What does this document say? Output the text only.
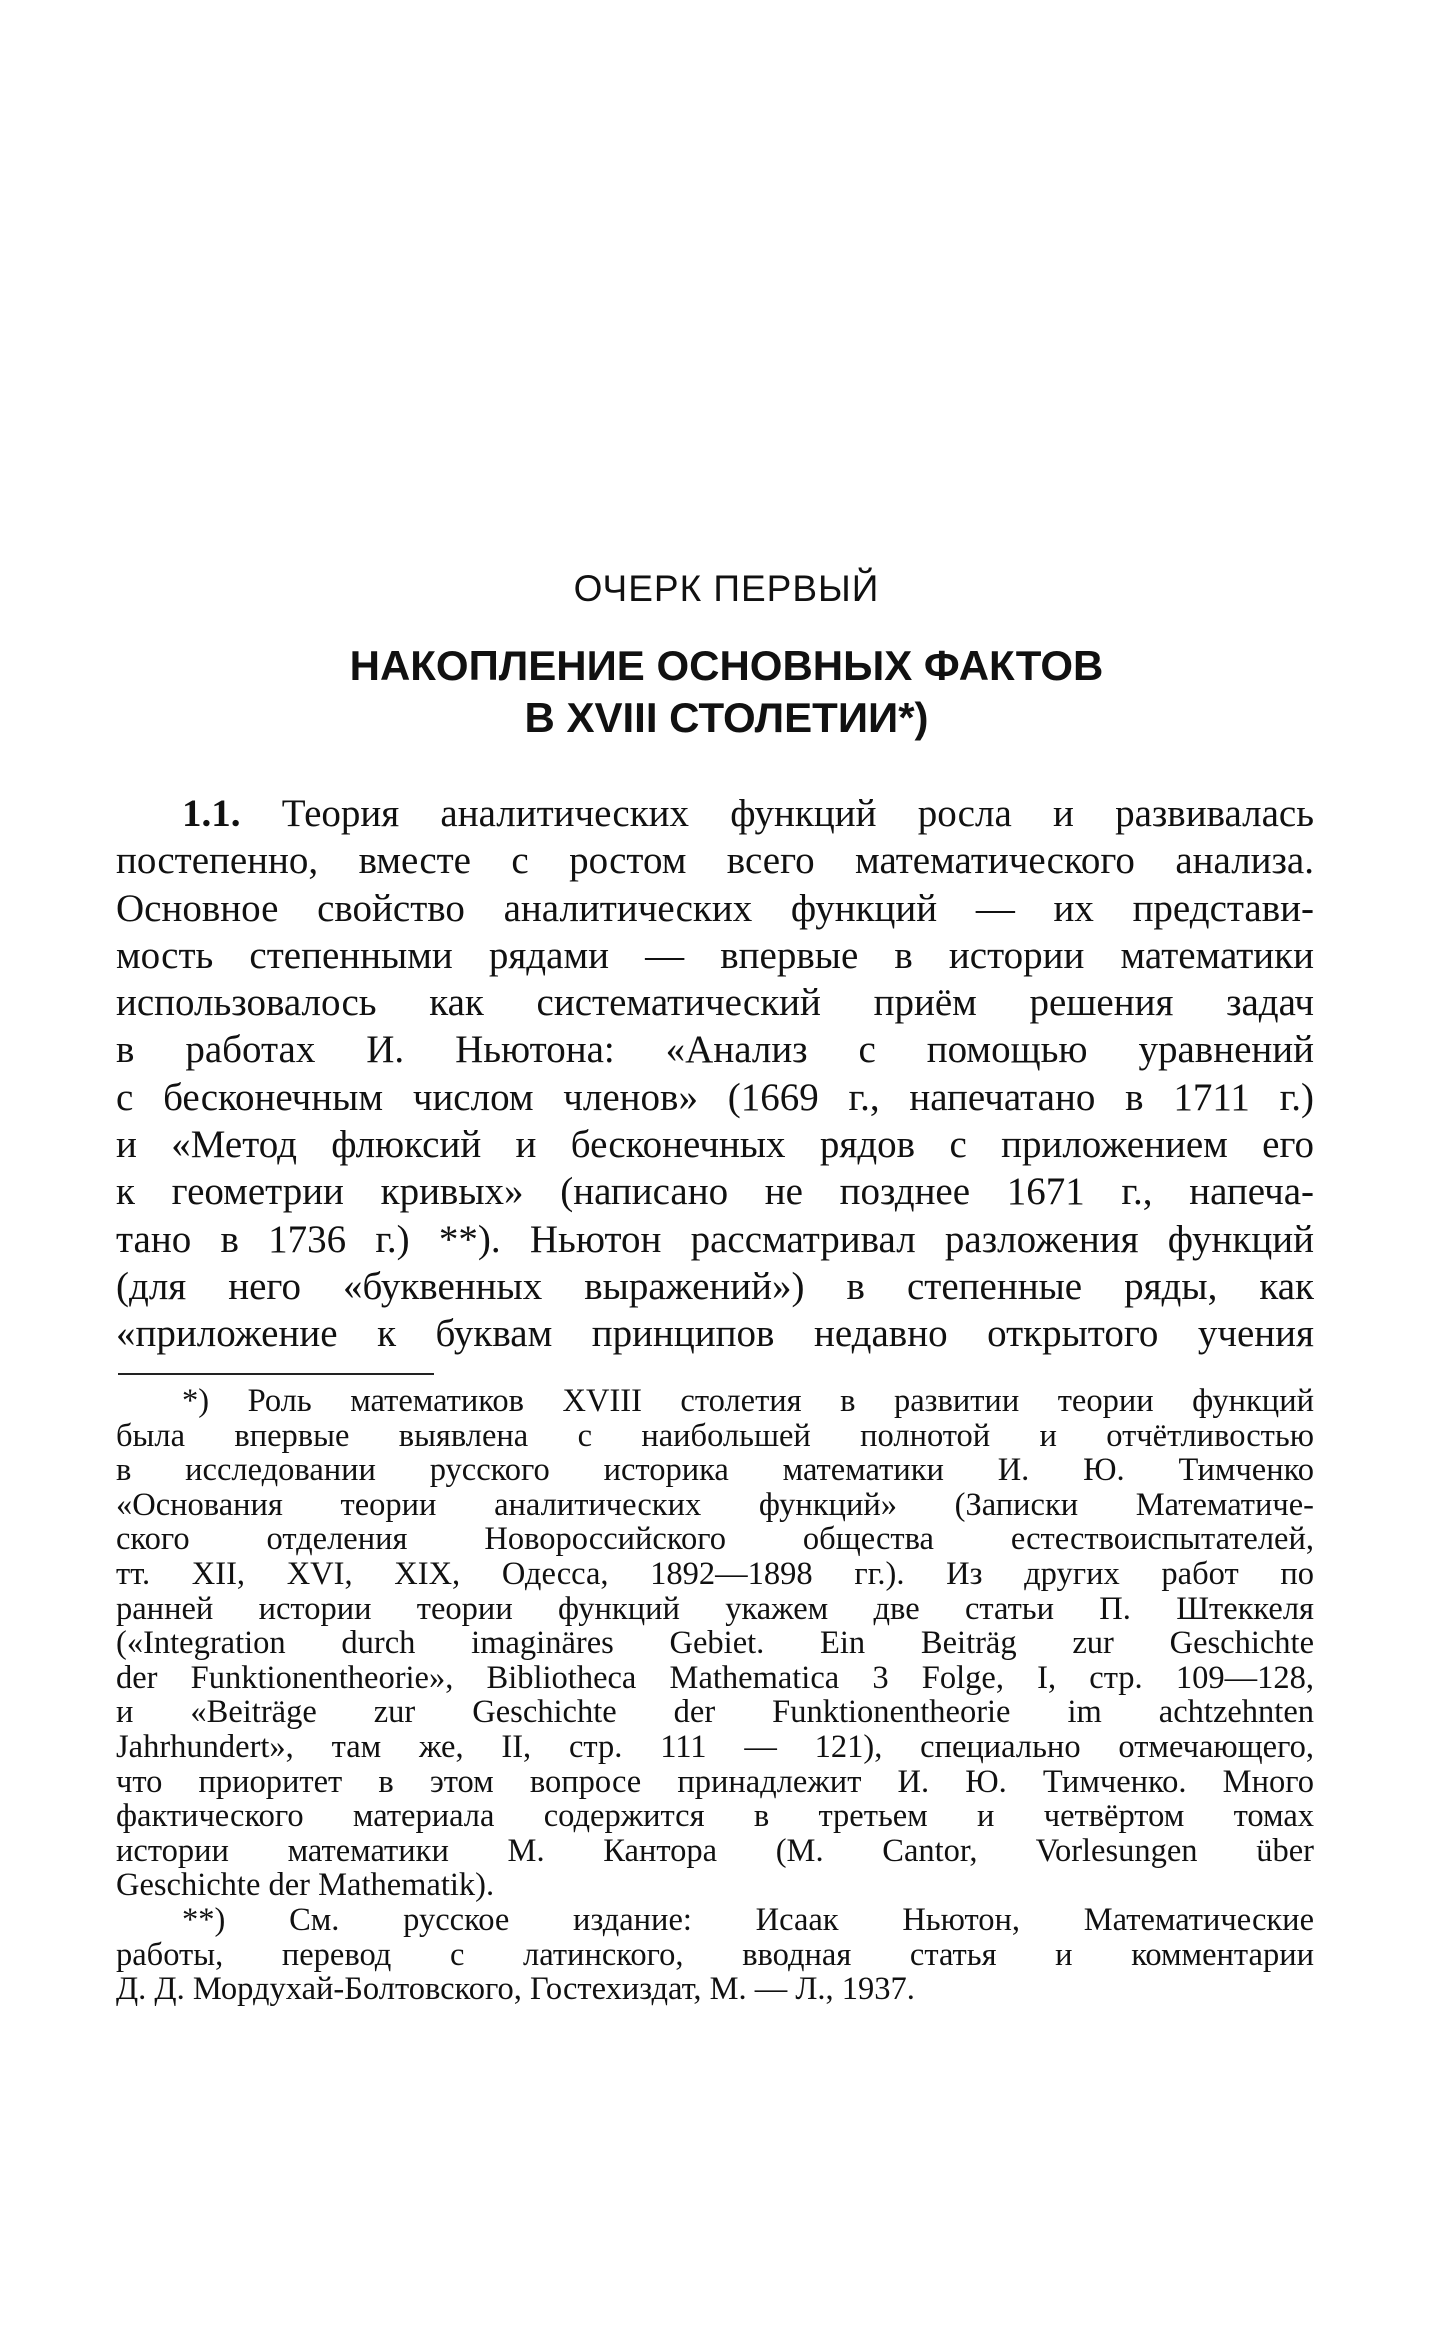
ОЧЕРК ПЕРВЫЙ
НАКОПЛЕНИЕ ОСНОВНЫХ ФАКТОВ
В XVIII СТОЛЕТИИ*)
1.1. Теория аналитических функций росла и развивалась
постепенно, вместе с ростом всего математического анализа.
Основное свойство аналитических функций — их представи-
мость степенными рядами — впервые в истории математики
использовалось как систематический приём решения задач
в работах И. Ньютона: «Анализ с помощью уравнений
с бесконечным числом членов» (1669 г., напечатано в 1711 г.)
и «Метод флюксий и бесконечных рядов с приложением его
к геометрии кривых» (написано не позднее 1671 г., напеча-
тано в 1736 г.) **). Ньютон рассматривал разложения функций
(для него «буквенных выражений») в степенные ряды, как
«приложение к буквам принципов недавно открытого учения
*) Роль математиков XVIII столетия в развитии теории функций
была впервые выявлена с наибольшей полнотой и отчётливостью
в исследовании русского историка математики И. Ю. Тимченко
«Основания теории аналитических функций» (Записки Математиче-
ского отделения Новороссийского общества естествоиспытателей,
тт. XII, XVI, XIX, Одесса, 1892—1898 гг.). Из других работ по
ранней истории теории функций укажем две статьи П. Штеккеля
(«Integration durch imaginäres Gebiet. Ein Beiträg zur Geschichte
der Funktionentheorie», Bibliotheca Mathematica 3 Folge, I, стр. 109—128,
и «Beiträge zur Geschichte der Funktionentheorie im achtzehnten
Jahrhundert», там же, II, стр. 111 — 121), специально отмечающего,
что приоритет в этом вопросе принадлежит И. Ю. Тимченко. Много
фактического материала содержится в третьем и четвёртом томах
истории математики М. Кантора (M. Cantor, Vorlesungen über
Geschichte der Mathematik).
**) См. русское издание: Исаак Ньютон, Математические
работы, перевод с латинского, вводная статья и комментарии
Д. Д. Мордухай-Болтовского, Гостехиздат, М. — Л., 1937.
